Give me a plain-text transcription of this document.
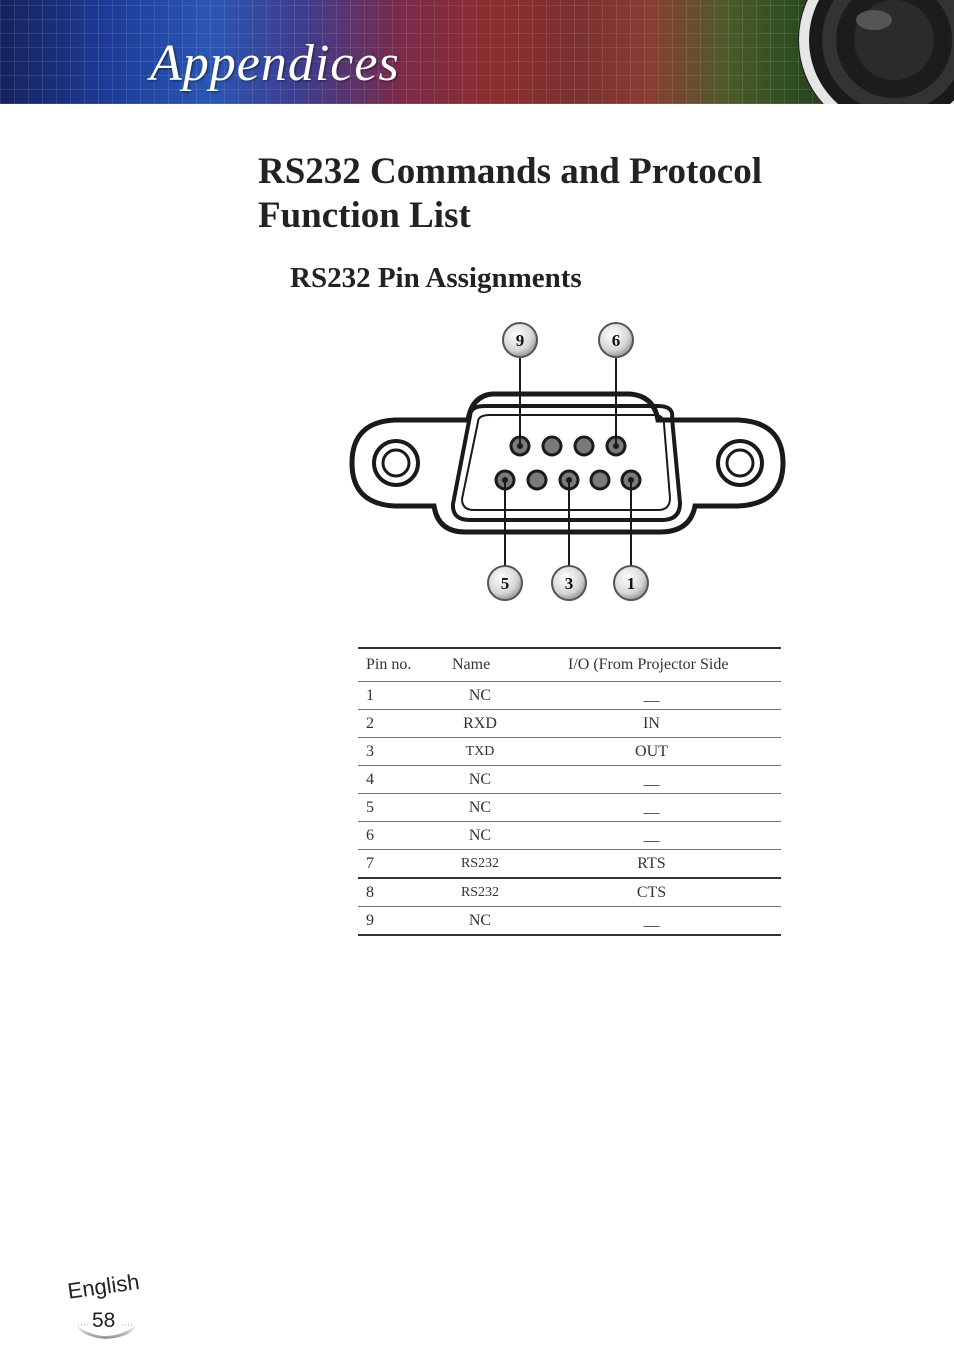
Appendices
RS232 Commands and Protocol Function List
RS232 Pin Assignments
9	6
5	3	1
Pin no.	Name	I/O (From Projector Side
1	NC	__
2	RXD	IN
3	TXD	OUT
4	NC	__
5	NC	__
6	NC	__
7	RS232	RTS
8	RS232	CTS
9	NC	__
English
58
